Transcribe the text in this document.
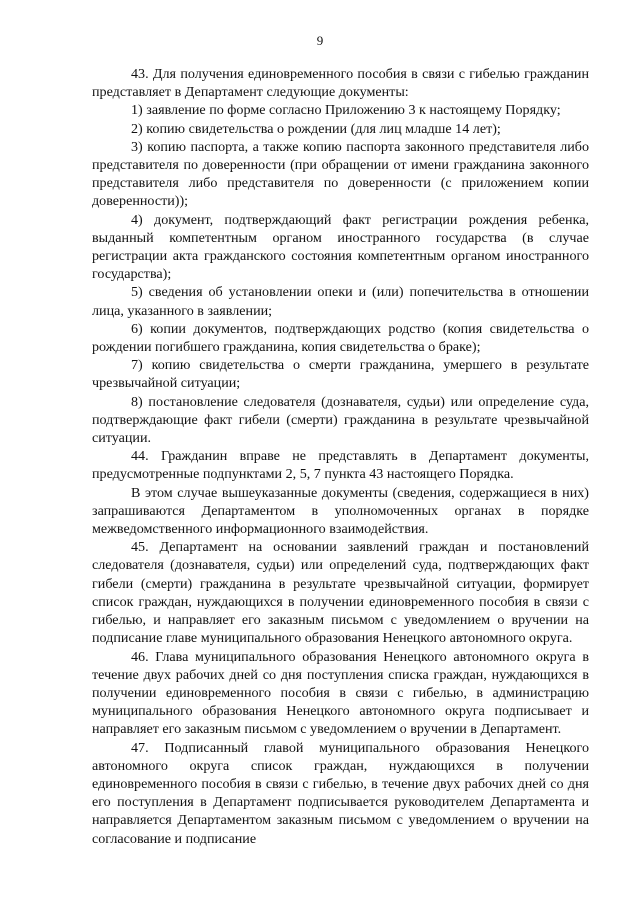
9

43. Для получения единовременного пособия в связи с гибелью гражданин представляет в Департамент следующие документы:

1) заявление по форме согласно Приложению 3 к настоящему Порядку;

2) копию свидетельства о рождении (для лиц младше 14 лет);

3) копию паспорта, а также копию паспорта законного представителя либо представителя по доверенности (при обращении от имени гражданина законного представителя либо представителя по доверенности (с приложением копии доверенности));

4) документ, подтверждающий факт регистрации рождения ребенка, выданный компетентным органом иностранного государства (в случае регистрации акта гражданского состояния компетентным органом иностранного государства);

5) сведения об установлении опеки и (или) попечительства в отношении лица, указанного в заявлении;

6) копии документов, подтверждающих родство (копия свидетельства о рождении погибшего гражданина, копия свидетельства о браке);

7) копию свидетельства о смерти гражданина, умершего в результате чрезвычайной ситуации;

8) постановление следователя (дознавателя, судьи) или определение суда, подтверждающие факт гибели (смерти) гражданина в результате чрезвычайной ситуации.

44. Гражданин вправе не представлять в Департамент документы, предусмотренные подпунктами 2, 5, 7 пункта 43 настоящего Порядка.

В этом случае вышеуказанные документы (сведения, содержащиеся в них) запрашиваются Департаментом в уполномоченных органах в порядке межведомственного информационного взаимодействия.

45. Департамент на основании заявлений граждан и постановлений следователя (дознавателя, судьи) или определений суда, подтверждающих факт гибели (смерти) гражданина в результате чрезвычайной ситуации, формирует список граждан, нуждающихся в получении единовременного пособия в связи с гибелью, и направляет его заказным письмом с уведомлением о вручении на подписание главе муниципального образования Ненецкого автономного округа.

46. Глава муниципального образования Ненецкого автономного округа в течение двух рабочих дней со дня поступления списка граждан, нуждающихся в получении единовременного пособия в связи с гибелью, в администрацию муниципального образования Ненецкого автономного округа подписывает и направляет его заказным письмом с уведомлением о вручении в Департамент.

47. Подписанный главой муниципального образования Ненецкого автономного округа список граждан, нуждающихся в получении единовременного пособия в связи с гибелью, в течение двух рабочих дней со дня его поступления в Департамент подписывается руководителем Департамента и направляется Департаментом заказным письмом с уведомлением о вручении на согласование и подписание
